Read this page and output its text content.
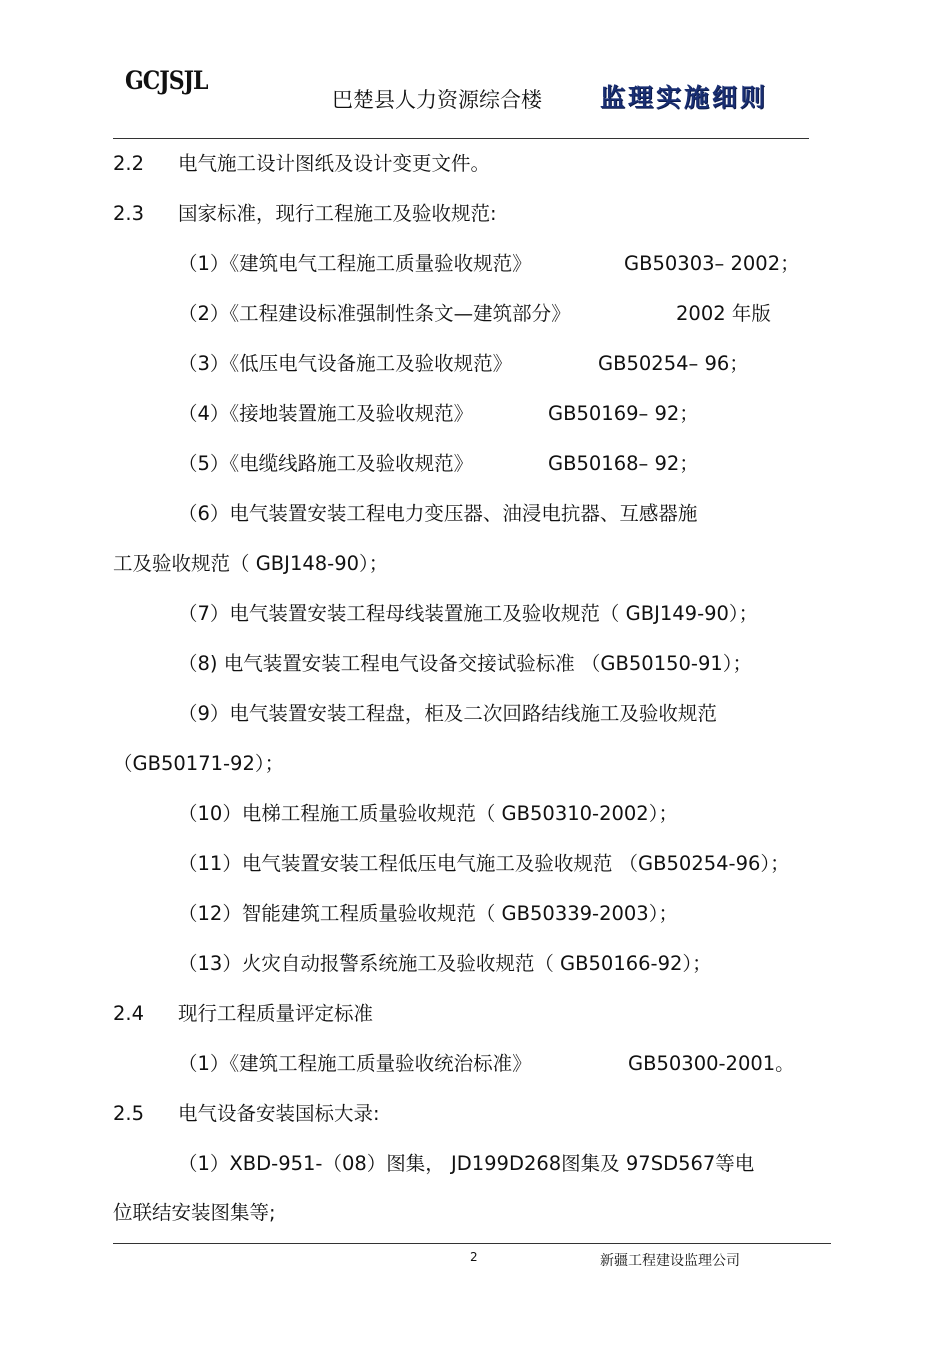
GCJSJL
巴楚县人力资源综合楼 监理实施细则
2.2 电气施工设计图纸及设计变更文件。
2.3 国家标准，现行工程施工及验收规范:
（1）《建筑电气工程施工质量验收规范》	GB50303– 2002；
（2）《工程建设标准强制性条文—建筑部分》	2002 年版
（3）《低压电气设备施工及验收规范》	GB50254– 96；
（4）《接地装置施工及验收规范》	GB50169– 92；
（5）《电缆线路施工及验收规范》	GB50168– 92；
（6）电气装置安装工程电力变压器、油浸电抗器、互感器施
工及验收规范（ GBJ148-90）；
（7）电气装置安装工程母线装置施工及验收规范（ GBJ149-90）；
（8) 电气装置安装工程电气设备交接试验标准 （GB50150-91）；
（9）电气装置安装工程盘，柜及二次回路结线施工及验收规范
（GB50171-92）；
（10）电梯工程施工质量验收规范（ GB50310-2002）；
（11）电气装置安装工程低压电气施工及验收规范 （GB50254-96）；
（12）智能建筑工程质量验收规范（ GB50339-2003）；
（13）火灾自动报警系统施工及验收规范（ GB50166-92）；
2.4 现行工程质量评定标准
（1）《建筑工程施工质量验收统治标准》	GB50300-2001。
2.5 电气设备安装国标大录:
（1）XBD-951-（08）图集， JD199D268图集及 97SD567等电
位联结安装图集等;
2	新疆工程建设监理公司
